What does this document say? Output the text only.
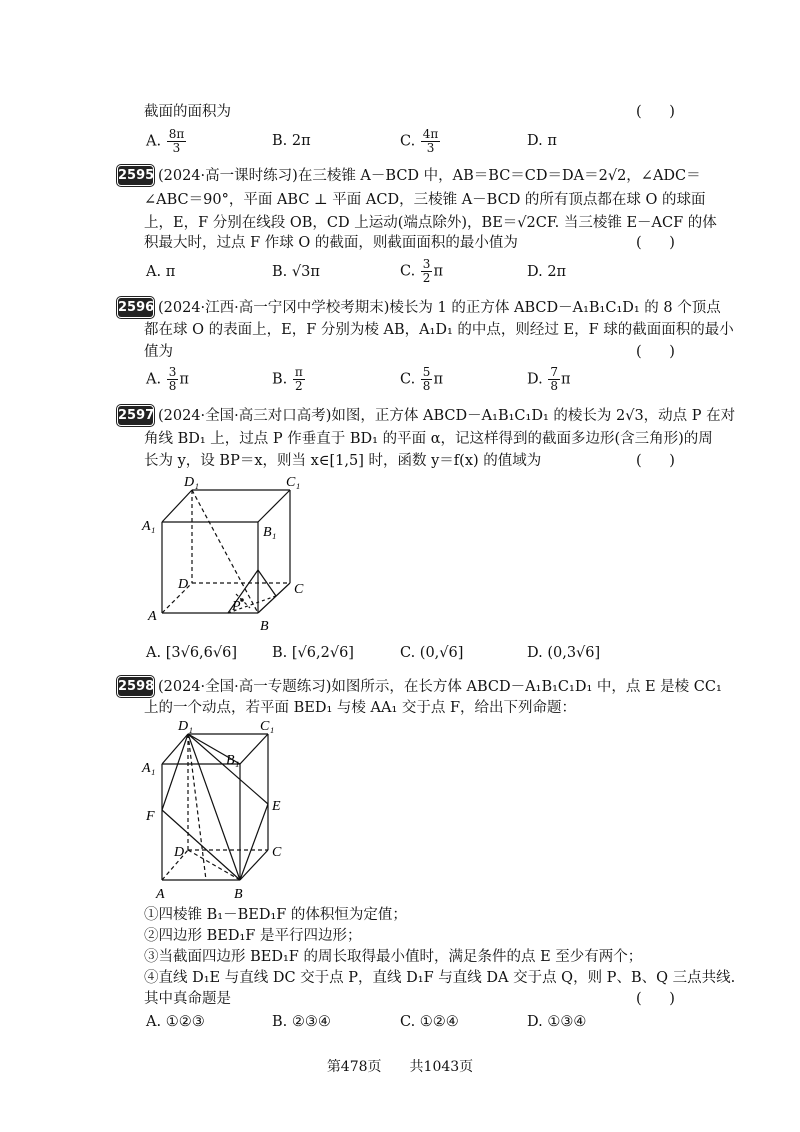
截面的面积为	(      )
A. $\frac{8\pi}{3}$	B. 2π	C. $\frac{4\pi}{3}$	D. π
2595 (2024·高一课时练习)在三棱锥 A－BCD 中，AB＝BC＝CD＝DA＝2√2，∠ADC＝
∠ABC＝90°，平面 ABC ⊥ 平面 ACD，三棱锥 A－BCD 的所有顶点都在球 O 的球面
上，E，F 分别在线段 OB，CD 上运动(端点除外)，BE＝√2CF. 当三棱锥 E－ACF 的体
积最大时，过点 F 作球 O 的截面，则截面面积的最小值为	(      )
A. π	B. √3π	C. $\frac{3}{2}$ π	D. 2π
2596 (2024·江西·高一宁冈中学校考期末)棱长为 1 的正方体 ABCD－A₁B₁C₁D₁ 的 8 个顶点
都在球 O 的表面上，E，F 分别为棱 AB，A₁D₁ 的中点，则经过 E，F 球的截面面积的最小
值为	(      )
A. $\frac{3}{8}$ π	B. $\frac{\pi}{2}$	C. $\frac{5}{8}$ π	D. $\frac{7}{8}$ π
2597 (2024·全国·高三对口高考)如图，正方体 ABCD－A₁B₁C₁D₁ 的棱长为 2√3，动点 P 在对
角线 BD₁ 上，过点 P 作垂直于 BD₁ 的平面 α，记这样得到的截面多边形(含三角形)的周
长为 y，设 BP＝x，则当 x∈[1,5] 时，函数 y＝f(x) 的值域为	(      )
D₁	C₁
A₁	B₁
D	C
A
B
P
A. [3√6,6√6] B. [√6,2√6]	C. (0,√6]	D. (0,3√6]
2598 (2024·全国·高一专题练习)如图所示，在长方体 ABCD－A₁B₁C₁D₁ 中，点 E 是棱 CC₁
上的一个动点，若平面 BED₁ 与棱 AA₁ 交于点 F，给出下列命题：
D₁	C₁
A₁
B₁
F
E
D	C
A	B
①四棱锥 B₁－BED₁F 的体积恒为定值；
②四边形 BED₁F 是平行四边形；
③当截面四边形 BED₁F 的周长取得最小值时，满足条件的点 E 至少有两个；
④直线 D₁E 与直线 DC 交于点 P，直线 D₁F 与直线 DA 交于点 Q，则 P、B、Q 三点共线.
其中真命题是	(      )
A. ①②③	B. ②③④	C. ①②④	D. ①③④
第478页　　共1043页
